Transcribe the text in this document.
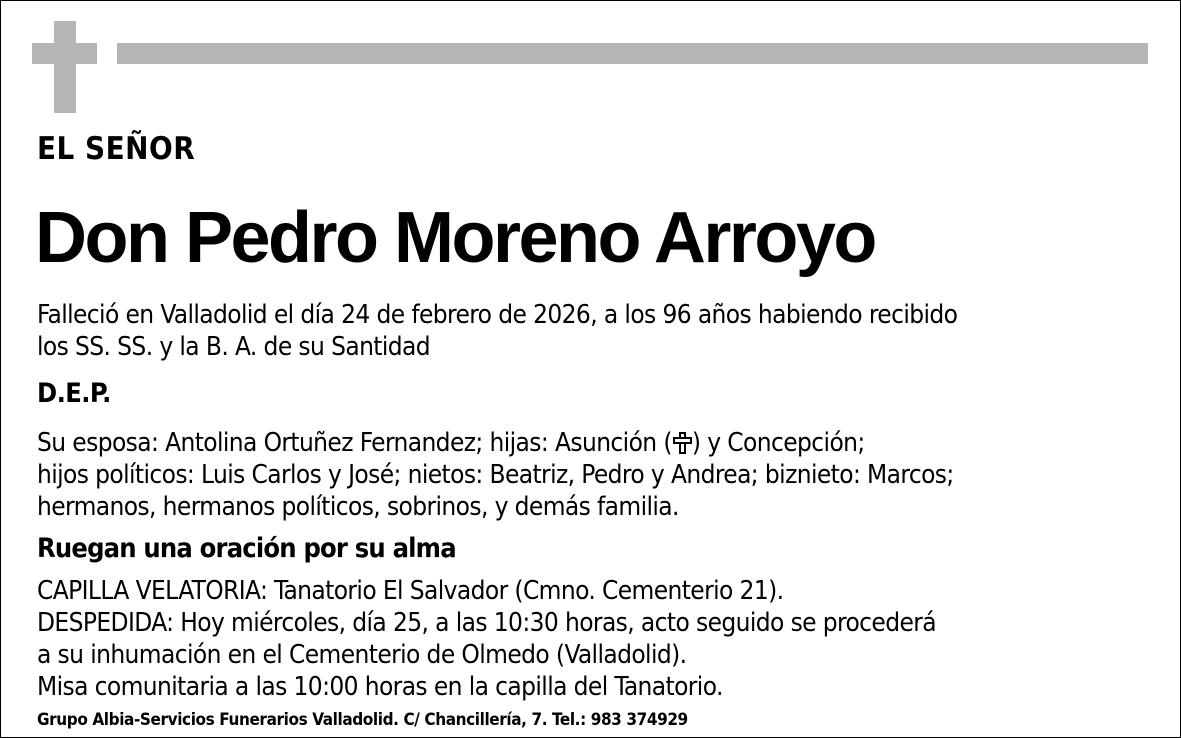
EL SEÑOR
Don Pedro Moreno Arroyo
Falleció en Valladolid el día 24 de febrero de 2026, a los 96 años habiendo recibido
los SS. SS. y la B. A. de su Santidad
D.E.P.
Su esposa: Antolina Ortuñez Fernandez; hijas: Asunción ( ) y Concepción;
hijos políticos: Luis Carlos y José; nietos: Beatriz, Pedro y Andrea; biznieto: Marcos;
hermanos, hermanos políticos, sobrinos, y demás familia.
Ruegan una oración por su alma
CAPILLA VELATORIA: Tanatorio El Salvador (Cmno. Cementerio 21).
DESPEDIDA: Hoy miércoles, día 25, a las 10:30 horas, acto seguido se procederá
a su inhumación en el Cementerio de Olmedo (Valladolid).
Misa comunitaria a las 10:00 horas en la capilla del Tanatorio.
Grupo Albia-Servicios Funerarios Valladolid. C/ Chancillería, 7. Tel.: 983 374929
